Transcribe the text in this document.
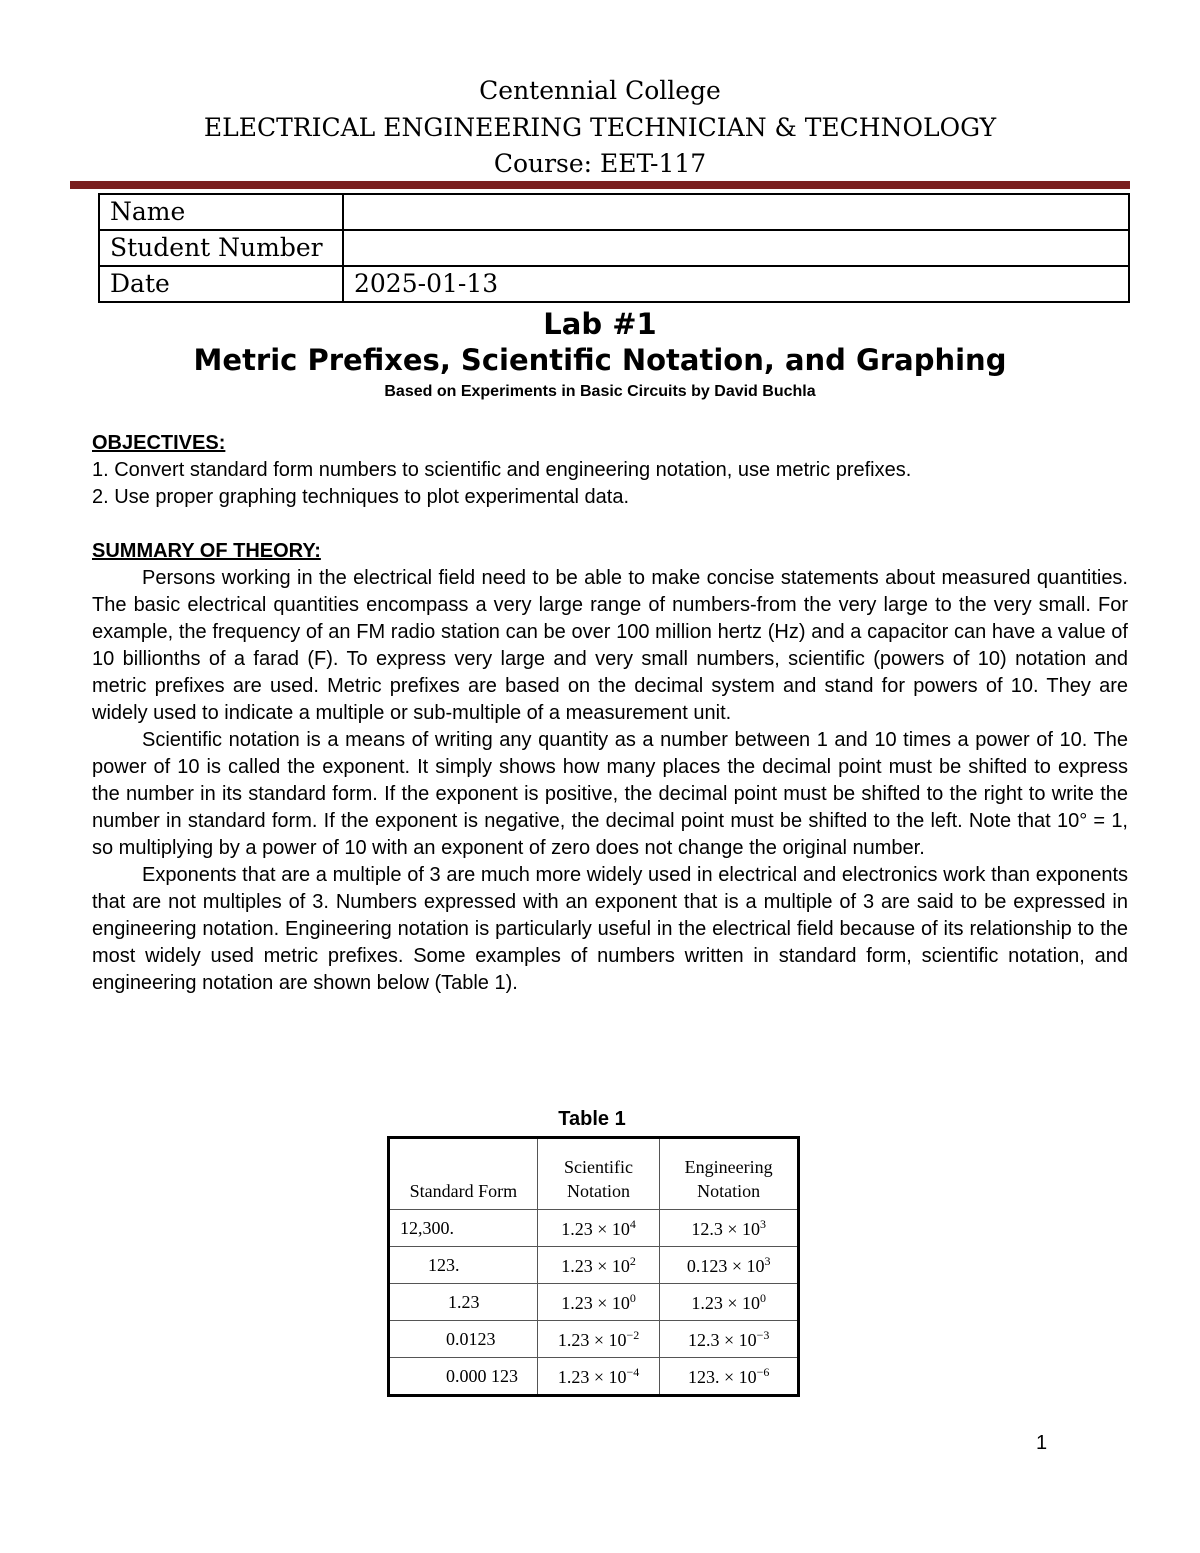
Centennial College
ELECTRICAL ENGINEERING TECHNICIAN & TECHNOLOGY
Course: EET-117
Name	
Student Number	
Date	2025-01-13
Lab #1
Metric Prefixes, Scientific Notation, and Graphing
Based on Experiments in Basic Circuits by David Buchla
OBJECTIVES:
1. Convert standard form numbers to scientific and engineering notation, use metric prefixes.
2. Use proper graphing techniques to plot experimental data.
SUMMARY OF THEORY:

Persons working in the electrical field need to be able to make concise statements about measured quantities. The basic electrical quantities encompass a very large range of numbers-from the very large to the very small. For example, the frequency of an FM radio station can be over 100 million hertz (Hz) and a capacitor can have a value of 10 billionths of a farad (F). To express very large and very small numbers, scientific (powers of 10) notation and metric prefixes are used. Metric prefixes are based on the decimal system and stand for powers of 10. They are widely used to indicate a multiple or sub-multiple of a measurement unit.

Scientific notation is a means of writing any quantity as a number between 1 and 10 times a power of 10. The power of 10 is called the exponent. It simply shows how many places the decimal point must be shifted to express the number in its standard form. If the exponent is positive, the decimal point must be shifted to the right to write the number in standard form. If the exponent is negative, the decimal point must be shifted to the left. Note that 10° = 1, so multiplying by a power of 10 with an exponent of zero does not change the original number.

Exponents that are a multiple of 3 are much more widely used in electrical and electronics work than exponents that are not multiples of 3. Numbers expressed with an exponent that is a multiple of 3 are said to be expressed in engineering notation. Engineering notation is particularly useful in the electrical field because of its relationship to the most widely used metric prefixes. Some examples of numbers written in standard form, scientific notation, and engineering notation are shown below (Table 1).

Table 1
Standard Form	Scientific Notation	Engineering Notation
12,300.	$1.23 \times 10^4$	$12.3 \times 10^3$
123.	$1.23 \times 10^2$	$0.123 \times 10^3$
1.23	$1.23 \times 10^0$	$1.23 \times 10^0$
0.0123	$1.23 \times 10^{-2}$	$12.3 \times 10^{-3}$
0.000 123	$1.23 \times 10^{-4}$	123. × $10^{-6}$
1
